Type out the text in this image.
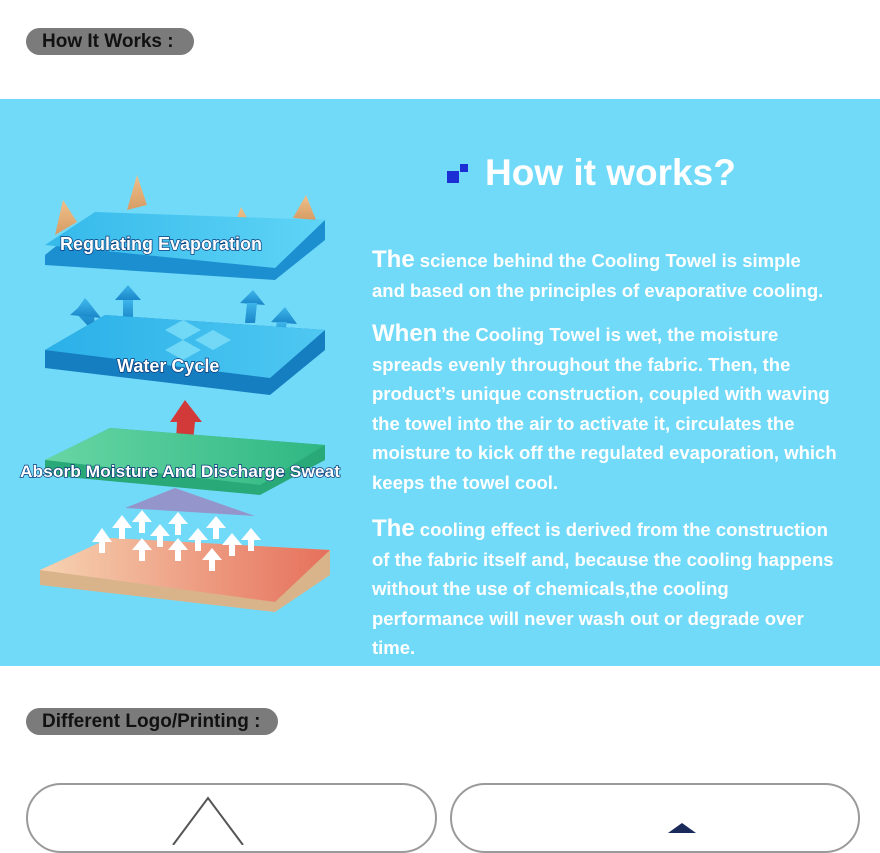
How It Works :
Regulating Evaporation
Water Cycle
Absorb Moisture And Discharge Sweat
How it works?
The science behind the Cooling Towel is simple and based on the principles of evaporative cooling.
When the Cooling Towel is wet, the moisture spreads evenly throughout the fabric. Then, the product’s unique construction, coupled with waving the towel into the air to activate it, circulates the moisture to kick off the regulated evaporation, which keeps the towel cool.
The cooling effect is derived from the construction of the fabric itself and, because the cooling happens without the use of chemicals,the cooling performance will never wash out or degrade over time.
Different Logo/Printing :
